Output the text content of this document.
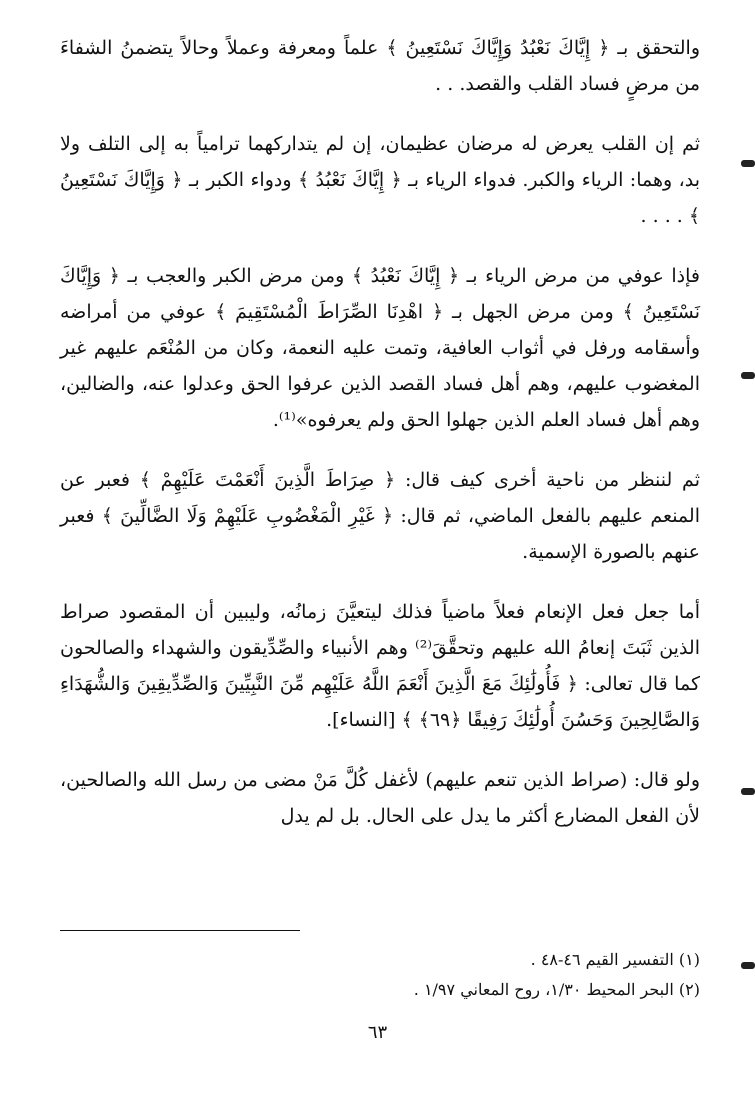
والتحقق بـ ﴿ إِيَّاكَ نَعْبُدُ وَإِيَّاكَ نَسْتَعِينُ ﴾ علماً ومعرفة وعملاً وحالاً يتضمنُ الشفاءَ من مرضٍ فساد القلب والقصد. . .

ثم إن القلب يعرض له مرضان عظيمان، إن لم يتداركهما ترامياً به إلى التلف ولا بد، وهما: الرياء والكبر. فدواء الرياء بـ ﴿ إِيَّاكَ نَعْبُدُ ﴾ ودواء الكبر بـ ﴿ وَإِيَّاكَ نَسْتَعِينُ ﴾ . . . .

فإذا عوفي من مرض الرياء بـ ﴿ إِيَّاكَ نَعْبُدُ ﴾ ومن مرض الكبر والعجب بـ ﴿ وَإِيَّاكَ نَسْتَعِينُ ﴾ ومن مرض الجهل بـ ﴿ اهْدِنَا الصِّرَاطَ الْمُسْتَقِيمَ ﴾ عوفي من أمراضه وأسقامه ورفل في أثواب العافية، وتمت عليه النعمة، وكان من المُنْعَم عليهم غير المغضوب عليهم، وهم أهل فساد القصد الذين عرفوا الحق وعدلوا عنه، والضالين، وهم أهل فساد العلم الذين جهلوا الحق ولم يعرفوه»⁽¹⁾.

ثم لننظر من ناحية أخرى كيف قال: ﴿ صِرَاطَ الَّذِينَ أَنْعَمْتَ عَلَيْهِمْ ﴾ فعبر عن المنعم عليهم بالفعل الماضي، ثم قال: ﴿ غَيْرِ الْمَغْضُوبِ عَلَيْهِمْ وَلَا الضَّالِّينَ ﴾ فعبر عنهم بالصورة الإسمية.

أما جعل فعل الإنعام فعلاً ماضياً فذلك ليتعيَّنَ زمانُه، وليبين أن المقصود صراط الذين ثَبَتَ إنعامُ الله عليهم وتحقَّقَ⁽²⁾ وهم الأنبياء والصِّدِّيقون والشهداء والصالحون كما قال تعالى: ﴿ فَأُولَٰئِكَ مَعَ الَّذِينَ أَنْعَمَ اللَّهُ عَلَيْهِم مِّنَ النَّبِيِّينَ وَالصِّدِّيقِينَ وَالشُّهَدَاءِ وَالصَّالِحِينَ وَحَسُنَ أُولَٰئِكَ رَفِيقًا ﴿٦٩﴾ ﴾ [النساء].

ولو قال: (صراط الذين تنعم عليهم) لأغفل كُلَّ مَنْ مضى من رسل الله والصالحين، لأن الفعل المضارع أكثر ما يدل على الحال. بل لم يدل

(١) التفسير القيم ٤٦-٤٨ .
(٢) البحر المحيط ١/٣٠، روح المعاني ١/٩٧ .
٦٣
